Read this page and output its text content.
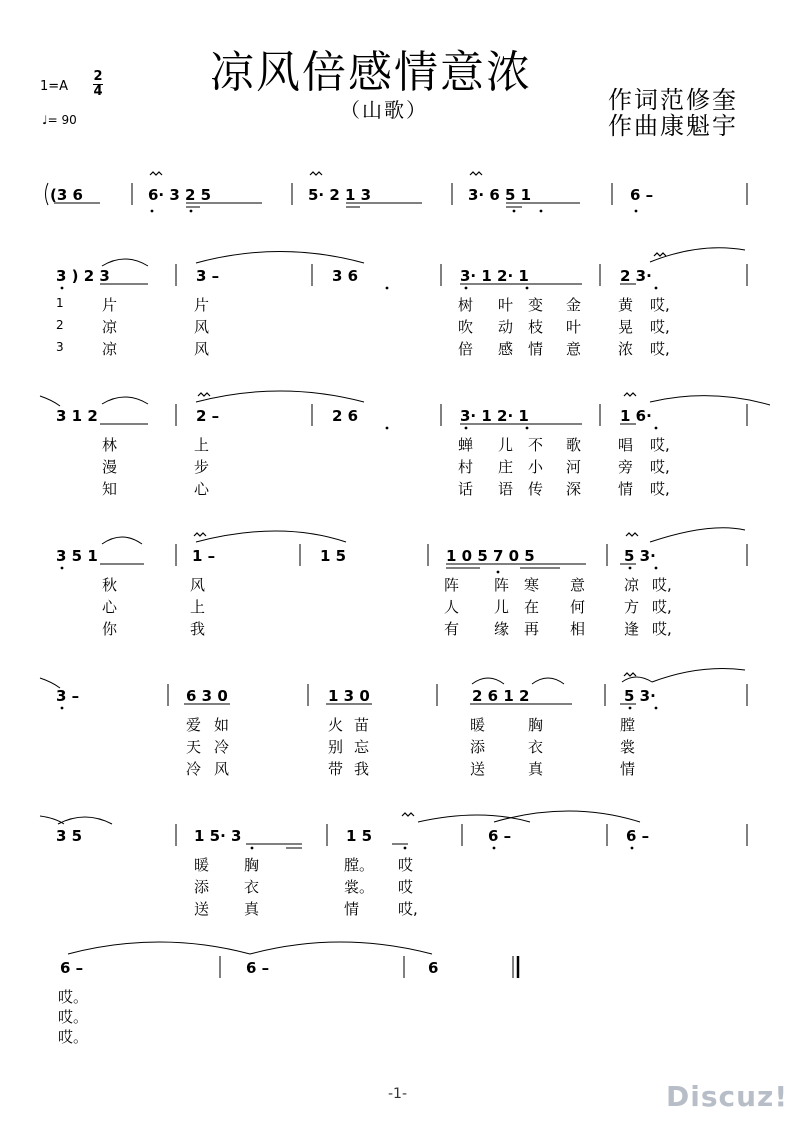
凉风倍感情意浓
（山歌）	作词范修奎
作曲康魁宇
1=A
2
4
♩= 90
(3 6	6· 3 2 5	5· 2 1 3	3· 6 5 1	6 –
3 ) 2 3	3 –	3 6	3· 1 2· 1	2 3·
3 1 2	2 –	2 6	3· 1 2· 1	1 6·
3 5 1	1 –	1 5	1 0 5 7 0 5	5 3·
3 –	6 3 0	1 3 0	2 6 1 2	5 3·
3 5	1 5· 3	1 5	6 –	6 –
6 –	6 –	6
1	片	片	树 叶 变 金 黄 哎,
2	凉	风	吹 动 枝 叶 晃 哎,
3	凉	风	倍 感 情 意 浓 哎,
林	上	蝉 儿 不 歌 唱 哎,
漫	步	村 庄 小 河 旁 哎,
知	心	话 语 传 深 情 哎,
秋	风	阵 阵 寒 意	凉 哎,
心	上	人 儿 在 何	方 哎,
你	我	有 缘 再 相	逢 哎,
爱 如	火 苗	暖	胸	膛
天 冷	别 忘	添	衣	裳
冷 风	带 我	送	真	情
暖 胸	膛。 哎
添 衣	裳。 哎
送 真	情	哎,
哎。
哎。
哎。
-1-	Discuz!
